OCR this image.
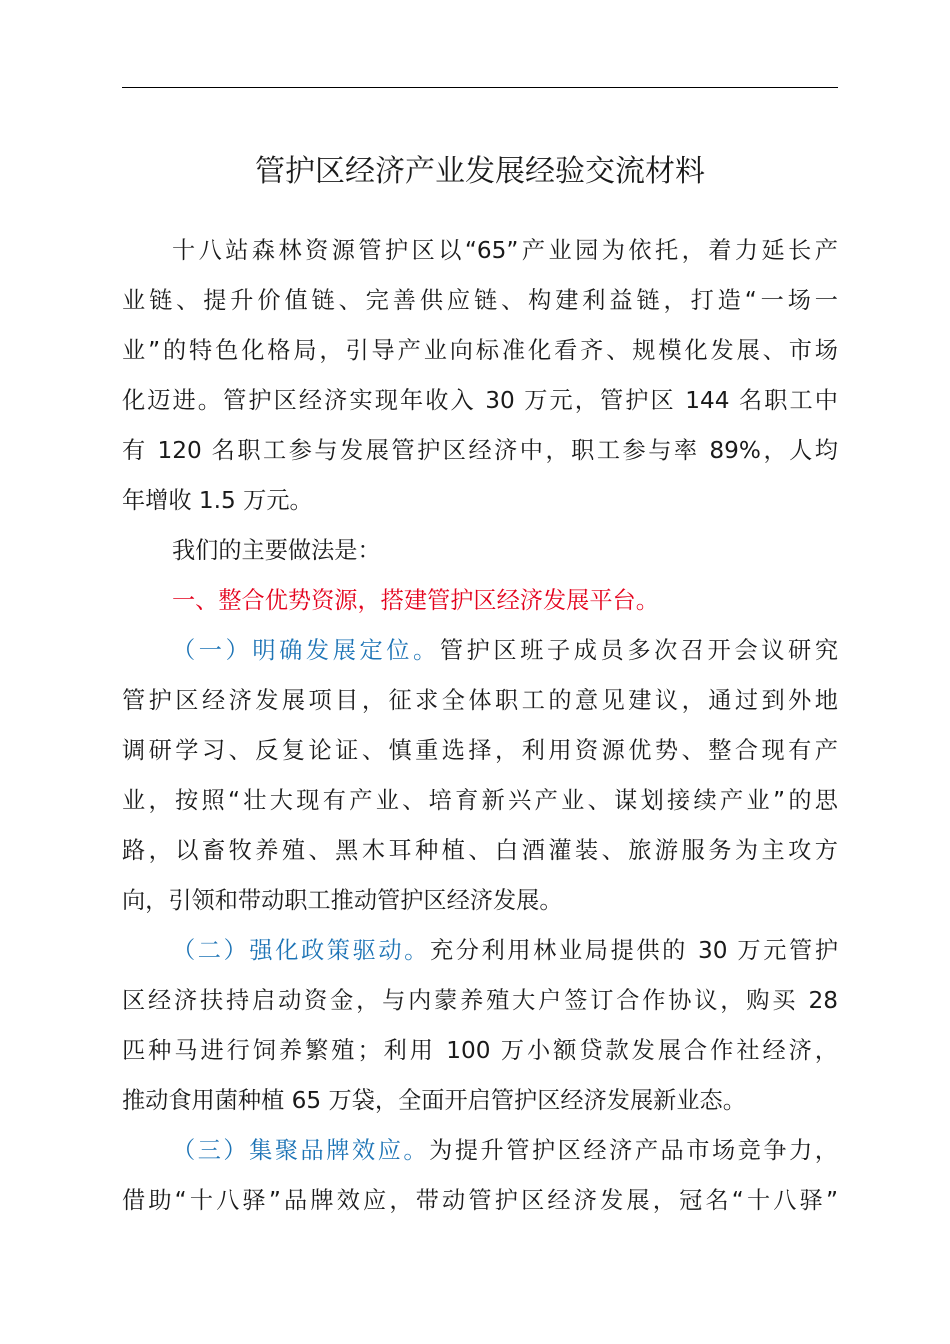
管护区经济产业发展经验交流材料
十八站森林资源管护区以“65”产业园为依托，着力延长产
业链、提升价值链、完善供应链、构建利益链，打造“一场一
业”的特色化格局，引导产业向标准化看齐、规模化发展、市场
化迈进。管护区经济实现年收入 30 万元，管护区 144 名职工中
有 120 名职工参与发展管护区经济中，职工参与率 89%，人均
年增收 1.5 万元。
我们的主要做法是：
一、整合优势资源，搭建管护区经济发展平台。
（一）明确发展定位。管护区班子成员多次召开会议研究
管护区经济发展项目，征求全体职工的意见建议，通过到外地
调研学习、反复论证、慎重选择，利用资源优势、整合现有产
业，按照“壮大现有产业、培育新兴产业、谋划接续产业”的思
路，以畜牧养殖、黑木耳种植、白酒灌装、旅游服务为主攻方
向，引领和带动职工推动管护区经济发展。
（二）强化政策驱动。充分利用林业局提供的 30 万元管护
区经济扶持启动资金，与内蒙养殖大户签订合作协议，购买 28
匹种马进行饲养繁殖；利用 100 万小额贷款发展合作社经济，
推动食用菌种植 65 万袋，全面开启管护区经济发展新业态。
（三）集聚品牌效应。为提升管护区经济产品市场竞争力，
借助“十八驿”品牌效应，带动管护区经济发展，冠名“十八驿”
